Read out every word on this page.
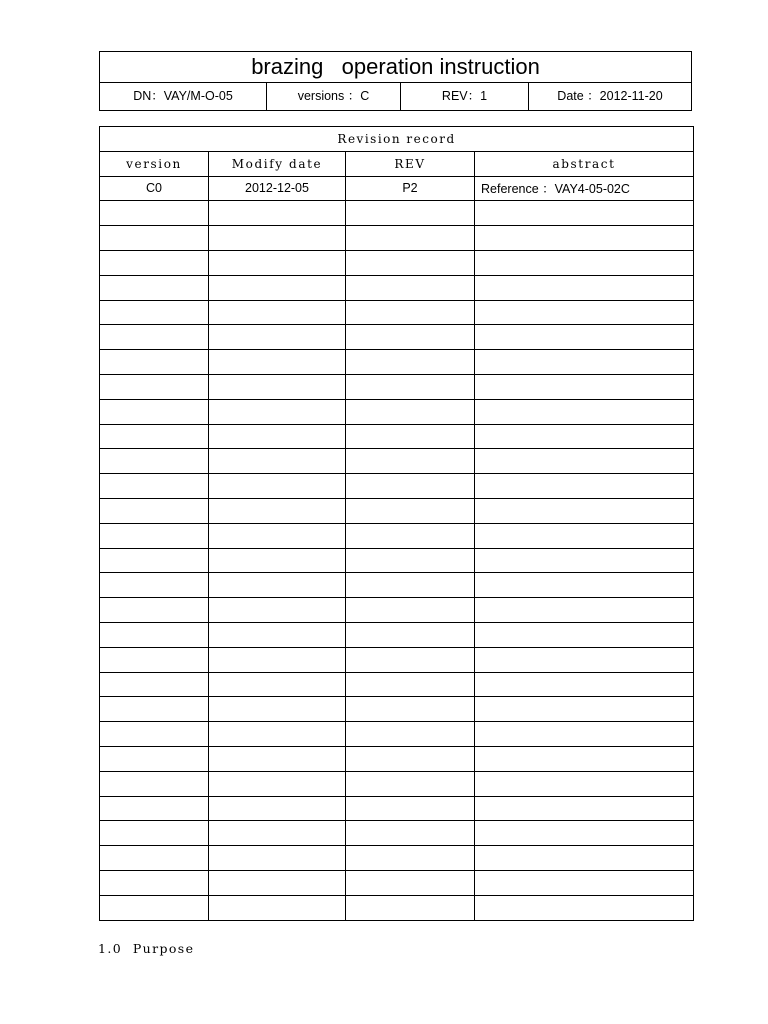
brazing   operation instruction
DN：VAY/M-O-05	versions ：C	REV：1	Date ：2012-11-20
Revision record			
version	Modify date	REV	abstract
C0	2012-12-05	P2	Reference ：VAY4-05-02C

1.0  Purpose
